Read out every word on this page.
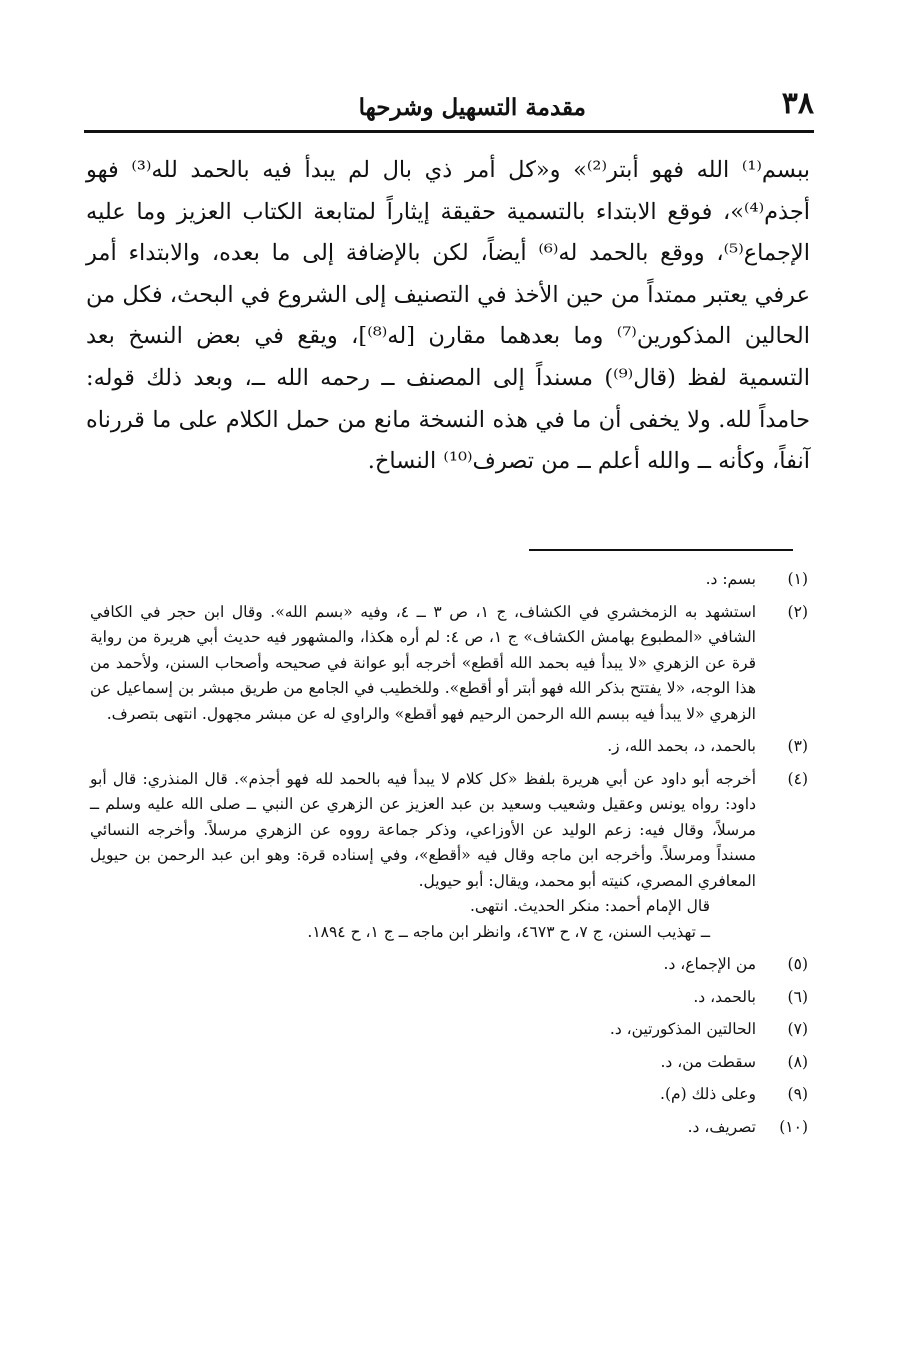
٣٨
مقدمة التسهيل وشرحها

ببسم⁽¹⁾ الله فهو أبتر⁽²⁾» و«كل أمر ذي بال لم يبدأ فيه بالحمد لله⁽³⁾ فهو أجذم⁽⁴⁾»، فوقع الابتداء بالتسمية حقيقة إيثاراً لمتابعة الكتاب العزيز وما عليه الإجماع⁽⁵⁾، ووقع بالحمد له⁽⁶⁾ أيضاً، لكن بالإضافة إلى ما بعده، والابتداء أمر عرفي يعتبر ممتداً من حين الأخذ في التصنيف إلى الشروع في البحث، فكل من الحالين المذكورين⁽⁷⁾ وما بعدهما مقارن [له⁽⁸⁾]، ويقع في بعض النسخ بعد التسمية لفظ (قال⁽⁹⁾) مسنداً إلى المصنف ــ رحمه الله ــ، وبعد ذلك قوله: حامداً لله. ولا يخفى أن ما في هذه النسخة مانع من حمل الكلام على ما قررناه آنفاً، وكأنه ــ والله أعلم ــ من تصرف⁽¹⁰⁾ النساخ.

(١)

بسم: د.

(٢)

استشهد به الزمخشري في الكشاف، ج ١، ص ٣ ــ ٤، وفيه «بسم الله». وقال ابن حجر في الكافي الشافي «المطبوع بهامش الكشاف» ج ١، ص ٤: لم أره هكذا، والمشهور فيه حديث أبي هريرة من رواية قرة عن الزهري «لا يبدأ فيه بحمد الله أقطع» أخرجه أبو عوانة في صحيحه وأصحاب السنن، ولأحمد من هذا الوجه، «لا يفتتح بذكر الله فهو أبتر أو أقطع». وللخطيب في الجامع من طريق مبشر بن إسماعيل عن الزهري «لا يبدأ فيه ببسم الله الرحمن الرحيم فهو أقطع» والراوي له عن مبشر مجهول. انتهى بتصرف.

(٣)

بالحمد، د، بحمد الله، ز.

(٤)

أخرجه أبو داود عن أبي هريرة بلفظ «كل كلام لا يبدأ فيه بالحمد لله فهو أجذم». قال المنذري: قال أبو داود: رواه يونس وعقيل وشعيب وسعيد بن عبد العزيز عن الزهري عن النبي ــ صلى الله عليه وسلم ــ مرسلاً، وقال فيه: زعم الوليد عن الأوزاعي، وذكر جماعة رووه عن الزهري مرسلاً. وأخرجه النسائي مسنداً ومرسلاً. وأخرجه ابن ماجه وقال فيه «أقطع»، وفي إسناده قرة: وهو ابن عبد الرحمن بن حيويل المعافري المصري، كنيته أبو محمد، ويقال: أبو حيويل.

قال الإمام أحمد: منكر الحديث. انتهى.

ــ تهذيب السنن، ج ٧، ح ٤٦٧٣، وانظر ابن ماجه ــ ج ١، ح ١٨٩٤.

(٥)

من الإجماع، د.

(٦)

بالحمد، د.

(٧)

الحالتين المذكورتين، د.

(٨)

سقطت من، د.

(٩)

وعلى ذلك (م).

(١٠)

تصريف، د.
